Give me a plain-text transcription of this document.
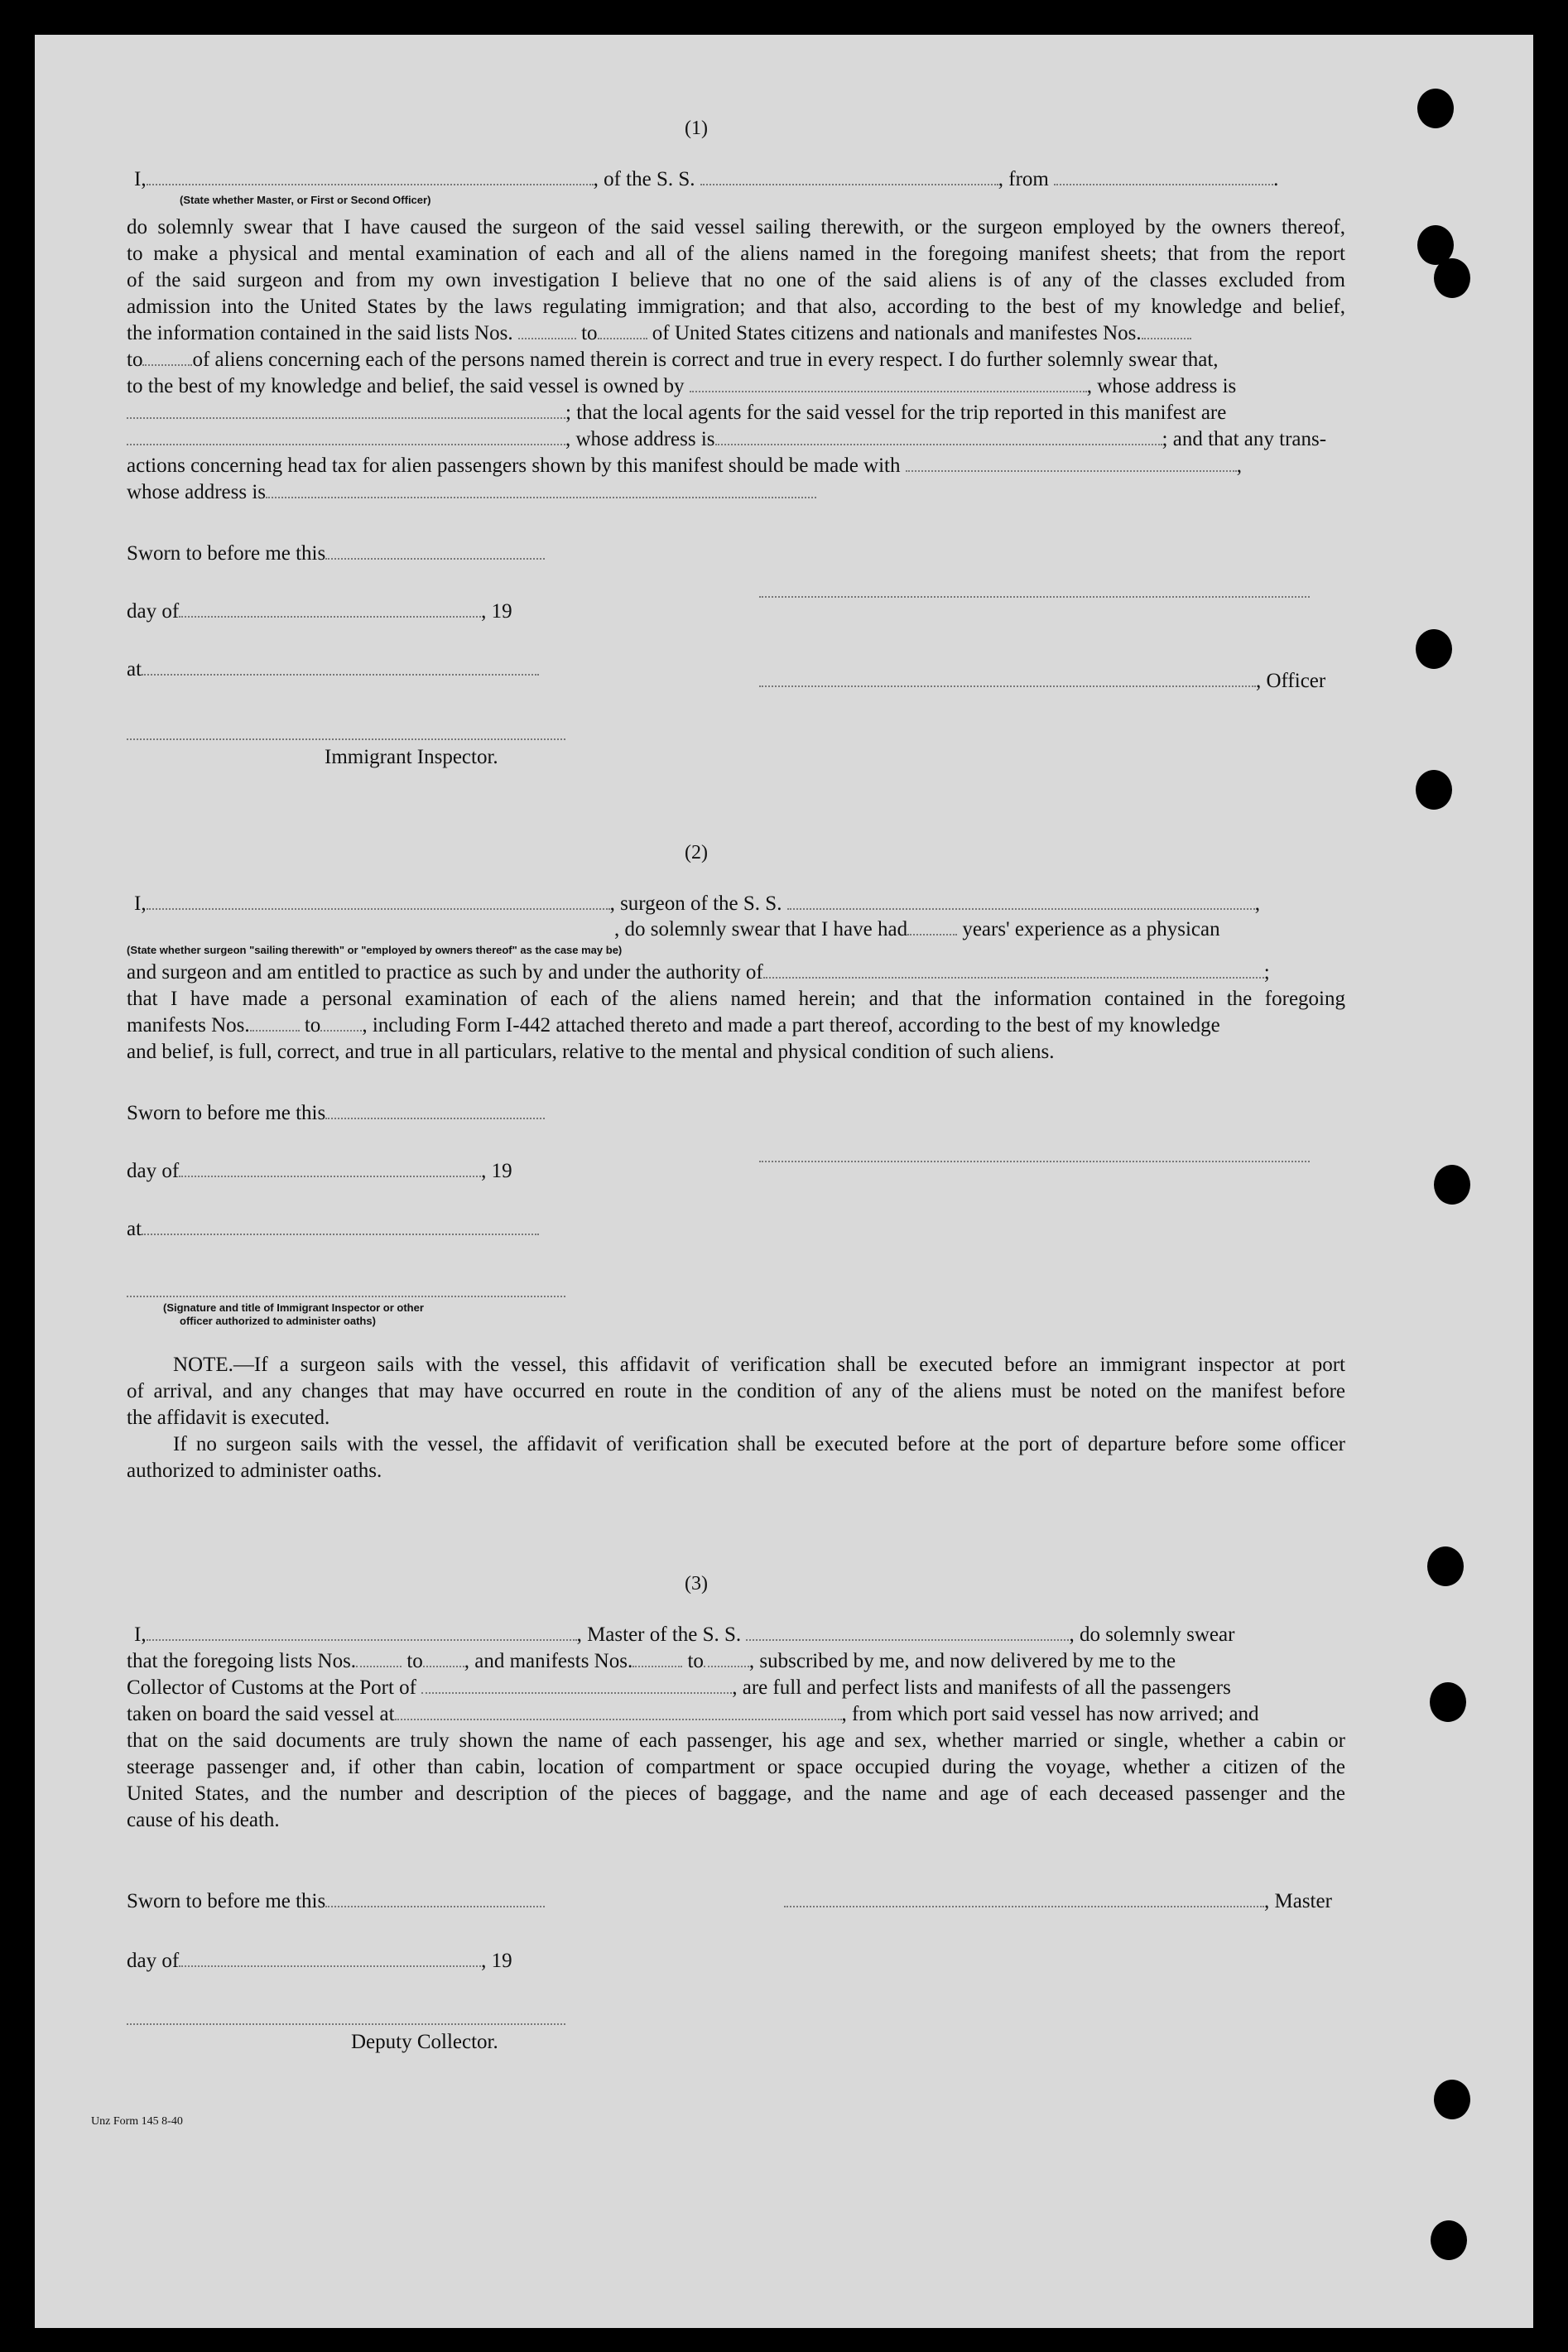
(1)
I,	, of the S. S.	, from	.
(State whether Master, or First or Second Officer)
do solemnly swear that I have caused the surgeon of the said vessel sailing therewith, or the surgeon employed by the owners thereof,
to make a physical and mental examination of each and all of the aliens named in the foregoing manifest sheets; that from the report
of the said surgeon and from my own investigation I believe that no one of the said aliens is of any of the classes excluded from
admission into the United States by the laws regulating immigration; and that also, according to the best of my knowledge and belief,
the information contained in the said lists Nos.	to	of United States citizens and nationals and manifestes Nos.
to of aliens concerning each of the persons named therein is correct and true in every respect. I do further solemnly swear that,
to the best of my knowledge and belief, the said vessel is owned by	, whose address is
; that the local agents for the said vessel for the trip reported in this manifest are
, whose address is	; and that any trans-
actions concerning head tax for alien passengers shown by this manifest should be made with	,
whose address is
Sworn to before me this
day of	, 19
at
, Officer
Immigrant Inspector.
(2)
I,	, surgeon of the S. S.	,
, do solemnly swear that I have had	years' experience as a physican
(State whether surgeon "sailing therewith" or "employed by owners thereof" as the case may be)
and surgeon and am entitled to practice as such by and under the authority of	;
that I have made a personal examination of each of the aliens named herein; and that the information contained in the foregoing
manifests Nos.	to , including Form I-442 attached thereto and made a part thereof, according to the best of my knowledge
and belief, is full, correct, and true in all particulars, relative to the mental and physical condition of such aliens.
Sworn to before me this
day of	, 19
at
(Signature and title of Immigrant Inspector or other
officer authorized to administer oaths)
NOTE.—If a surgeon sails with the vessel, this affidavit of verification shall be executed before an immigrant inspector at port
of arrival, and any changes that may have occurred en route in the condition of any of the aliens must be noted on the manifest before
the affidavit is executed.
If no surgeon sails with the vessel, the affidavit of verification shall be executed before at the port of departure before some officer
authorized to administer oaths.
(3)
I,	, Master of the S. S.	, do solemnly swear
that the foregoing lists Nos. to , and manifests Nos.	to , subscribed by me, and now delivered by me to the
Collector of Customs at the Port of	, are full and perfect lists and manifests of all the passengers
taken on board the said vessel at	, from which port said vessel has now arrived; and
that on the said documents are truly shown the name of each passenger, his age and sex, whether married or single, whether a cabin or
steerage passenger and, if other than cabin, location of compartment or space occupied during the voyage, whether a citizen of the
United States, and the number and description of the pieces of baggage, and the name and age of each deceased passenger and the
cause of his death.
Sworn to before me this	, Master
day of	, 19
Deputy Collector.
Unz Form 145 8-40
